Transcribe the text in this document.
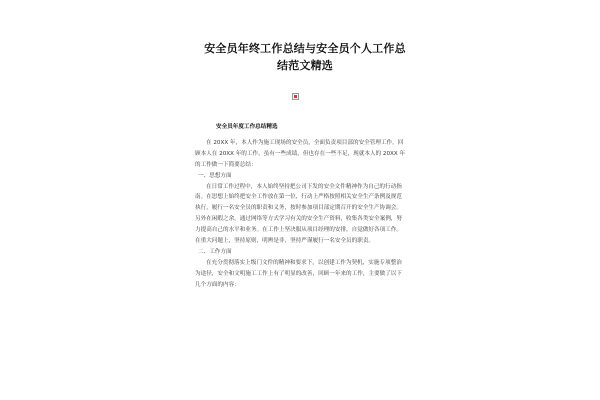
安全员年终工作总结与安全员个人工作总结范文精选

安全员年度工作总结精选

在 20XX 年，本人作为施工现场的安全员，全面负责项目部的安全管理工作，回顾本人在 20XX 年的工作，虽有一些成绩，但也存在一些不足，现就本人的 20XX 年的工作做一下简要总结：

一、思想方面

在日常工作过程中，本人始终坚持把公司下发的安全文件精神作为自己的行动指南。在思想上始终把安全工作放在第一位，行动上严格按照相关安全生产条例及规范执行，履行一名安全员的职责和义务，按时参加项目部定期召开的安全生产协调会。另外在闲暇之余，通过网络等方式学习有关的安全生产资料，收集各类安全案例，努力提高自己的水平和业务。在工作上坚决服从项目经理的安排，自觉做好各项工作。在重大问题上，坚持原则，明辨是非，坚持严谨履行一名安全员的职责。

二、工作方面

在充分贯彻落实上级门文件的精神和要求下，以创建工作为契机，实施专项整治为途径，安全和文明施工工作上有了明显的改善，回顾一年来的工作，主要做了以下几个方面的内容：
